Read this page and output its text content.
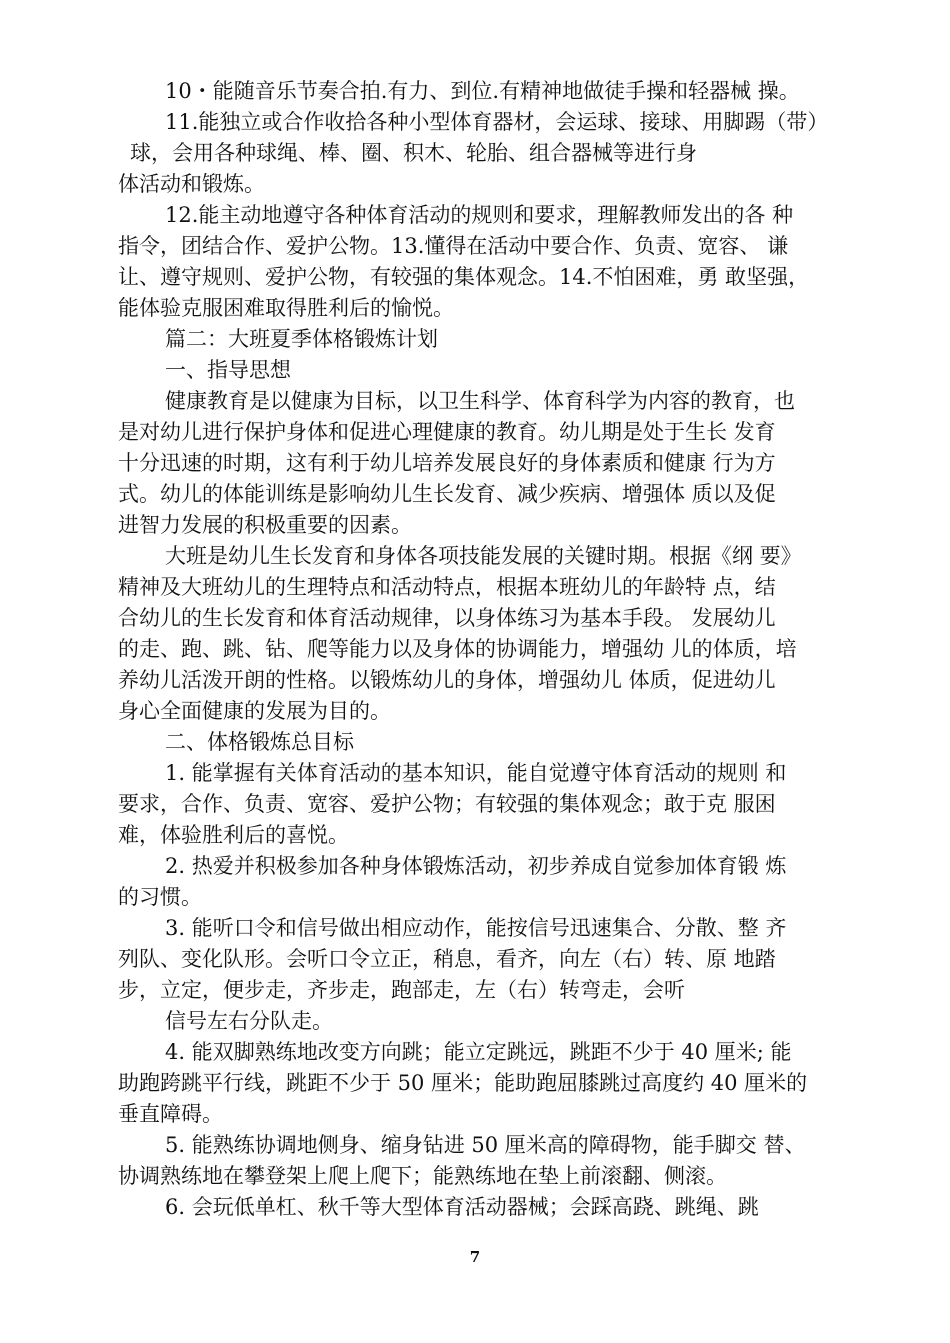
10・能随音乐节奏合拍.有力、到位.有精神地做徒手操和轻器械 操。
11.能独立或合作收拾各种小型体育器材，会运球、接球、用脚踢（带）
球，会用各种球绳、棒、圈、积木、轮胎、组合器械等进行身
体活动和锻炼。
12.能主动地遵守各种体育活动的规则和要求，理解教师发出的各 种
指令，团结合作、爱护公物。13.懂得在活动中要合作、负责、宽容、 谦
让、遵守规则、爱护公物，有较强的集体观念。14.不怕困难，勇 敢坚强，
能体验克服困难取得胜利后的愉悦。
篇二：大班夏季体格锻炼计划
一、指导思想
健康教育是以健康为目标，以卫生科学、体育科学为内容的教育，也
是对幼儿进行保护身体和促进心理健康的教育。幼儿期是处于生长 发育
十分迅速的时期，这有利于幼儿培养发展良好的身体素质和健康 行为方
式。幼儿的体能训练是影响幼儿生长发育、减少疾病、增强体 质以及促
进智力发展的积极重要的因素。
大班是幼儿生长发育和身体各项技能发展的关键时期。根据《纲 要》
精神及大班幼儿的生理特点和活动特点，根据本班幼儿的年龄特 点，结
合幼儿的生长发育和体育活动规律，以身体练习为基本手段。 发展幼儿
的走、跑、跳、钻、爬等能力以及身体的协调能力，增强幼 儿的体质，培
养幼儿活泼开朗的性格。以锻炼幼儿的身体，增强幼儿 体质，促进幼儿
身心全面健康的发展为目的。
二、体格锻炼总目标
1. 能掌握有关体育活动的基本知识，能自觉遵守体育活动的规则 和
要求，合作、负责、宽容、爱护公物；有较强的集体观念；敢于克 服困
难，体验胜利后的喜悦。
2. 热爱并积极参加各种身体锻炼活动，初步养成自觉参加体育锻 炼
的习惯。
3. 能听口令和信号做出相应动作，能按信号迅速集合、分散、整 齐
列队、变化队形。会听口令立正，稍息，看齐，向左（右）转、原 地踏
步，立定，便步走，齐步走，跑部走，左（右）转弯走，会听
信号左右分队走。
4. 能双脚熟练地改变方向跳；能立定跳远，跳距不少于 40 厘米; 能
助跑跨跳平行线，跳距不少于 50 厘米；能助跑屈膝跳过高度约 40 厘米的
垂直障碍。
5. 能熟练协调地侧身、缩身钻进 50 厘米高的障碍物，能手脚交 替、
协调熟练地在攀登架上爬上爬下；能熟练地在垫上前滚翻、侧滚。
6. 会玩低单杠、秋千等大型体育活动器械；会踩高跷、跳绳、跳
7
